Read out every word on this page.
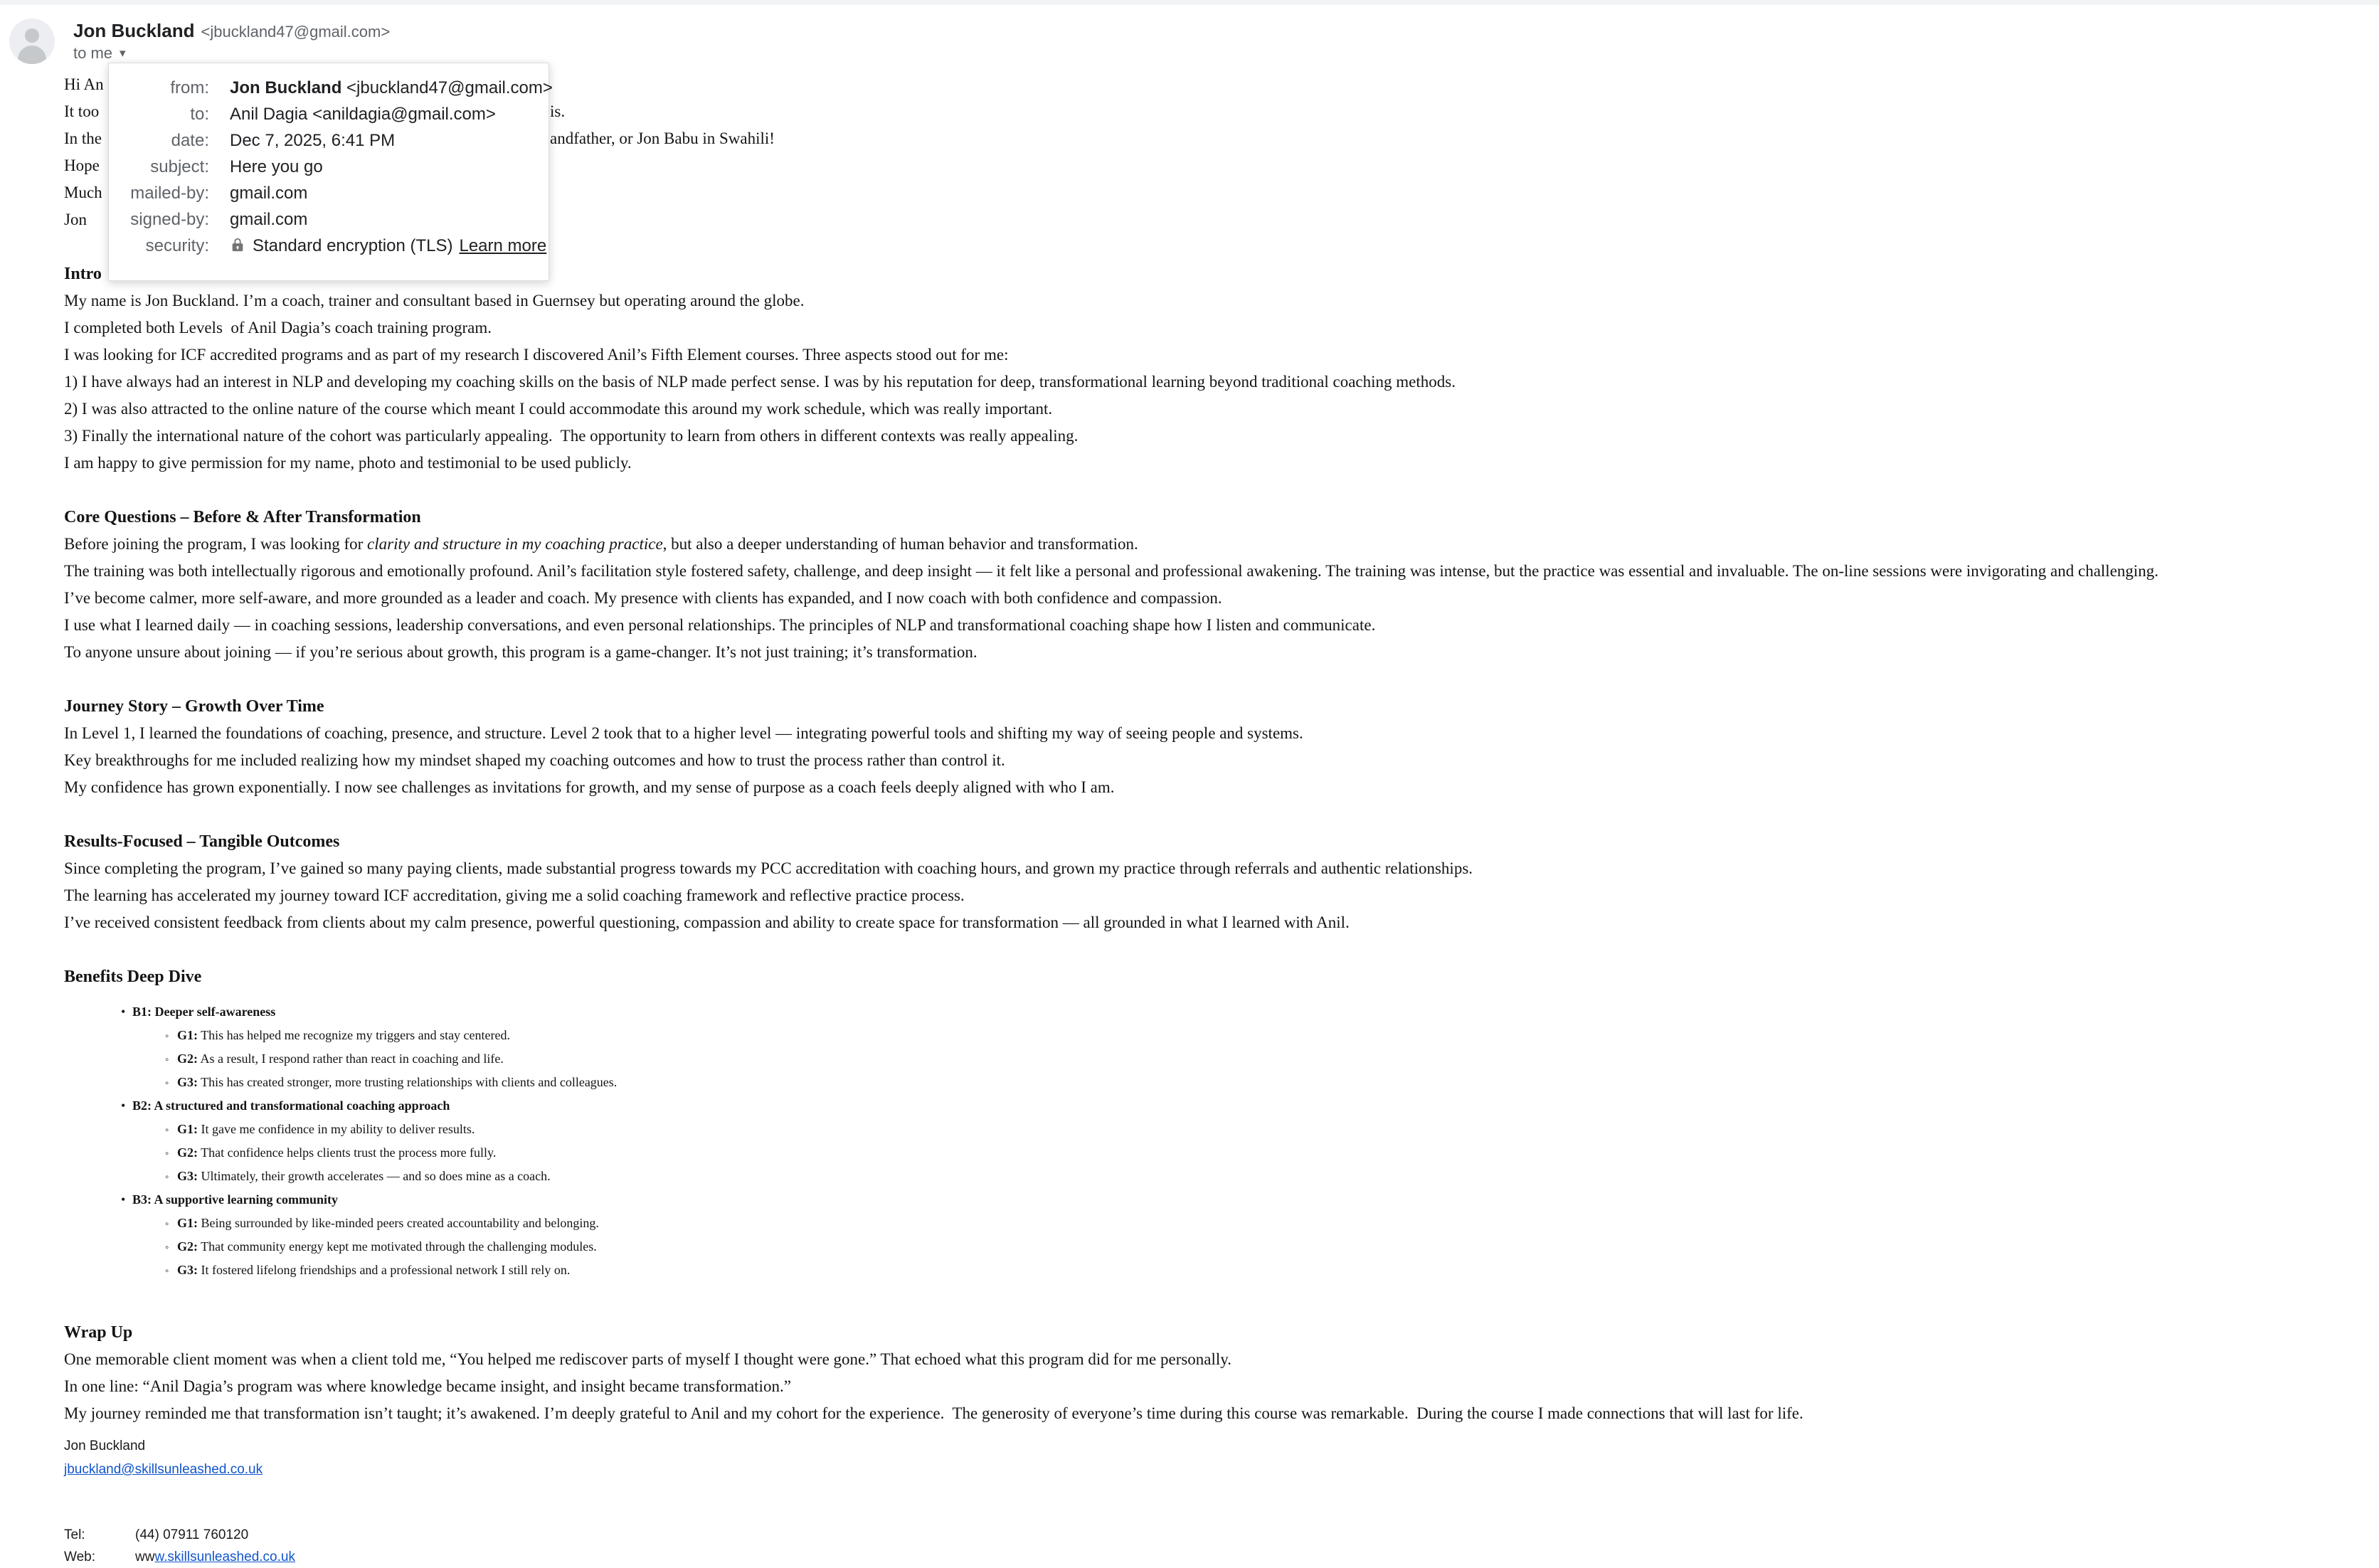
Jon Buckland <jbuckland47@gmail.com>
to me ▾
from: Jon Buckland <jbuckland47@gmail.com>
to: Anil Dagia <anildagia@gmail.com>
date: Dec 7, 2025, 6:41 PM
subject: Here you go
mailed-by: gmail.com
signed-by: gmail.com
security:	Standard encryption (TLS) Learn more
Hi An
It too	is.
In the	andfather, or Jon Babu in Swahili!
Hope
Much
Jon
Intro
My name is Jon Buckland. I’m a coach, trainer and consultant based in Guernsey but operating around the globe.
I completed both Levels  of Anil Dagia’s coach training program.
I was looking for ICF accredited programs and as part of my research I discovered Anil’s Fifth Element courses. Three aspects stood out for me:
1) I have always had an interest in NLP and developing my coaching skills on the basis of NLP made perfect sense. I was by his reputation for deep, transformational learning beyond traditional coaching methods.
2) I was also attracted to the online nature of the course which meant I could accommodate this around my work schedule, which was really important.
3) Finally the international nature of the cohort was particularly appealing.  The opportunity to learn from others in different contexts was really appealing.
I am happy to give permission for my name, photo and testimonial to be used publicly.
Core Questions – Before & After Transformation
Before joining the program, I was looking for clarity and structure in my coaching practice, but also a deeper understanding of human behavior and transformation.
The training was both intellectually rigorous and emotionally profound. Anil’s facilitation style fostered safety, challenge, and deep insight — it felt like a personal and professional awakening. The training was intense, but the practice was essential and invaluable. The on-line sessions were invigorating and challenging.
I’ve become calmer, more self-aware, and more grounded as a leader and coach. My presence with clients has expanded, and I now coach with both confidence and compassion.
I use what I learned daily — in coaching sessions, leadership conversations, and even personal relationships. The principles of NLP and transformational coaching shape how I listen and communicate.
To anyone unsure about joining — if you’re serious about growth, this program is a game-changer. It’s not just training; it’s transformation.
Journey Story – Growth Over Time
In Level 1, I learned the foundations of coaching, presence, and structure. Level 2 took that to a higher level — integrating powerful tools and shifting my way of seeing people and systems.
Key breakthroughs for me included realizing how my mindset shaped my coaching outcomes and how to trust the process rather than control it.
My confidence has grown exponentially. I now see challenges as invitations for growth, and my sense of purpose as a coach feels deeply aligned with who I am.
Results-Focused – Tangible Outcomes
Since completing the program, I’ve gained so many paying clients, made substantial progress towards my PCC accreditation with coaching hours, and grown my practice through referrals and authentic relationships.
The learning has accelerated my journey toward ICF accreditation, giving me a solid coaching framework and reflective practice process.
I’ve received consistent feedback from clients about my calm presence, powerful questioning, compassion and ability to create space for transformation — all grounded in what I learned with Anil.
Benefits Deep Dive
• B1: Deeper self-awareness
◦ G1: This has helped me recognize my triggers and stay centered.
◦ G2: As a result, I respond rather than react in coaching and life.
◦ G3: This has created stronger, more trusting relationships with clients and colleagues.
• B2: A structured and transformational coaching approach
◦ G1: It gave me confidence in my ability to deliver results.
◦ G2: That confidence helps clients trust the process more fully.
◦ G3: Ultimately, their growth accelerates — and so does mine as a coach.
• B3: A supportive learning community
◦ G1: Being surrounded by like-minded peers created accountability and belonging.
◦ G2: That community energy kept me motivated through the challenging modules.
◦ G3: It fostered lifelong friendships and a professional network I still rely on.
Wrap Up
One memorable client moment was when a client told me, “You helped me rediscover parts of myself I thought were gone.” That echoed what this program did for me personally.
In one line: “Anil Dagia’s program was where knowledge became insight, and insight became transformation.”
My journey reminded me that transformation isn’t taught; it’s awakened. I’m deeply grateful to Anil and my cohort for the experience.  The generosity of everyone’s time during this course was remarkable.  During the course I made connections that will last for life.
Jon Buckland
jbuckland@skillsunleashed.co.uk
Tel:	(44) 07911 760120
Web:	www.skillsunleashed.co.uk
